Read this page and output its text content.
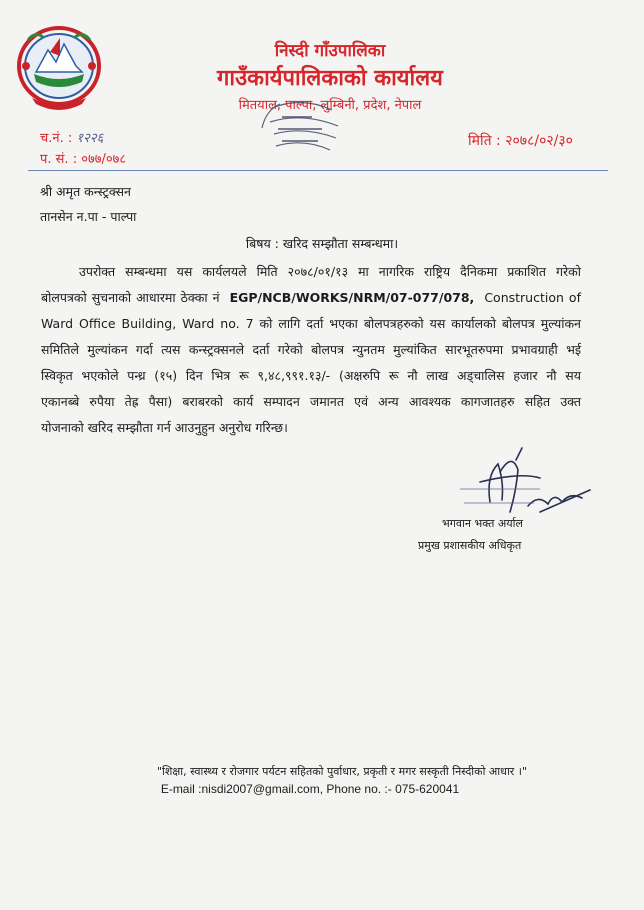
निस्दी गाँउपालिका
गाउँकार्यपालिकाको कार्यालय
मितयाल, पाल्पा, लुम्बिनी, प्रदेश, नेपाल
च.नं. : १२२६
प. सं. : ०७७/०७८
मिति : २०७८/०२/३०
श्री अमृत कन्स्ट्रक्सन
तानसेन न.पा - पाल्पा
बिषय : खरिद सम्झौता सम्बन्धमा।
उपरोक्त सम्बन्धमा यस कार्यलयले मिति २०७८/०१/१३ मा नागरिक राष्ट्रिय दैनिकमा प्रकाशित गरेको
बोलपत्रको सुचनाको आधारमा ठेक्का नं EGP/NCB/WORKS/NRM/07-077/078, Construction of
Ward Office Building, Ward no. 7 को लागि दर्ता भएका बोलपत्रहरुको यस कार्यालको बोलपत्र मुल्यांकन
समितिले मुल्यांकन गर्दा त्यस कन्स्ट्रक्सनले दर्ता गरेको बोलपत्र न्युनतम मुल्यांकित सारभूतरुपमा प्रभावग्राही भई
स्विकृत भएकोले पन्ध्र (१५) दिन भित्र रू ९,४८,९९१.१३/- (अक्षरुपि रू नौ लाख अड्चालिस हजार नौ सय
एकानब्बे रुपैया तेह्र पैसा) बराबरको कार्य सम्पादन जमानत एवं अन्य आवश्यक कागजातहरु सहित उक्त
योजनाको खरिद सम्झौता गर्न आउनुहुन अनुरोध गरिन्छ।
भगवान भक्त अर्याल
प्रमुख प्रशासकीय अधिकृत
"शिक्षा, स्वास्थ्य र रोजगार पर्यटन सहितको पुर्वाधार, प्रकृती र मगर सस्कृती निस्दीको आधार ।"
E-mail :nisdi2007@gmail.com, Phone no. :- 075-620041
